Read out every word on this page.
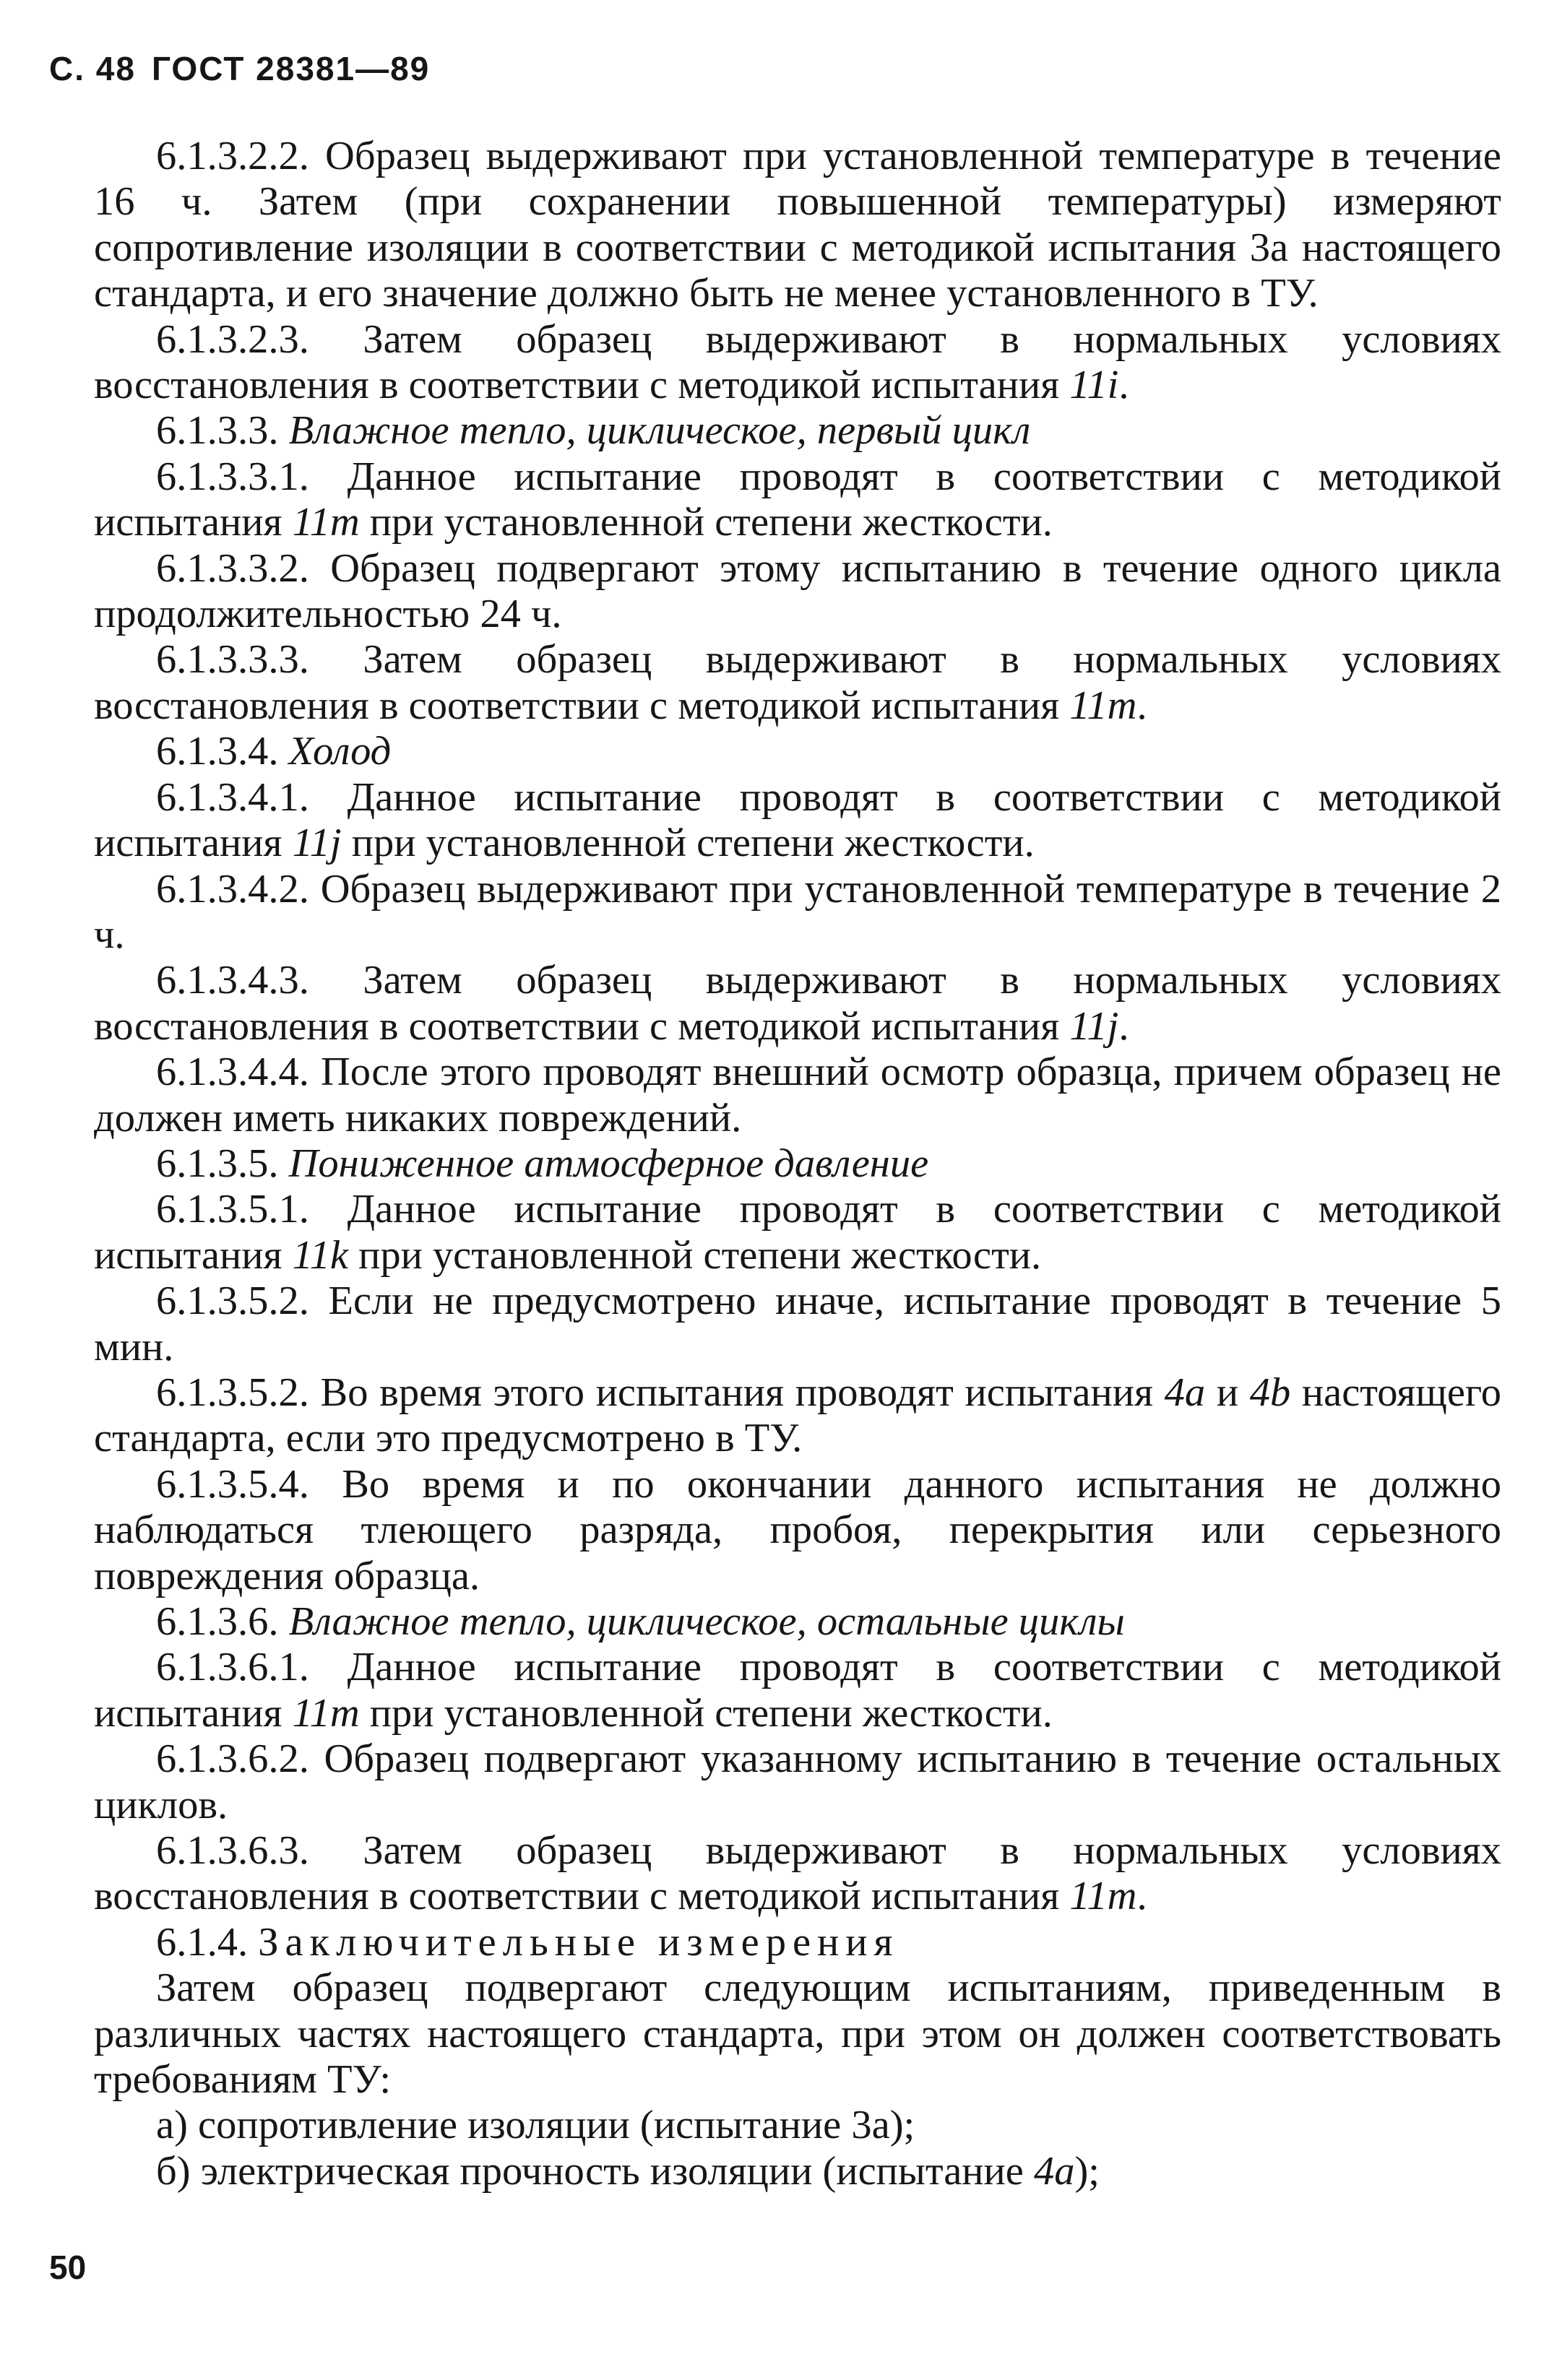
С. 48 ГОСТ 28381—89

6.1.3.2.2. Образец выдерживают при установленной температуре в течение 16 ч. Затем (при сохранении повышенной температуры) измеряют сопротивление изоляции в соответствии с методикой испытания 3а настоящего стандарта, и его значение должно быть не менее установленного в ТУ.

6.1.3.2.3. Затем образец выдерживают в нормальных условиях восстановления в соответствии с методикой испытания 11i.

6.1.3.3. Влажное тепло, циклическое, первый цикл

6.1.3.3.1. Данное испытание проводят в соответствии с методикой испытания 11m при установленной степени жесткости.

6.1.3.3.2. Образец подвергают этому испытанию в течение одного цикла продолжительностью 24 ч.

6.1.3.3.3. Затем образец выдерживают в нормальных условиях восстановления в соответствии с методикой испытания 11m.

6.1.3.4. Холод

6.1.3.4.1. Данное испытание проводят в соответствии с методикой испытания 11j при установленной степени жесткости.

6.1.3.4.2. Образец выдерживают при установленной температуре в течение 2 ч.

6.1.3.4.3. Затем образец выдерживают в нормальных условиях восстановления в соответствии с методикой испытания 11j.

6.1.3.4.4. После этого проводят внешний осмотр образца, причем образец не должен иметь никаких повреждений.

6.1.3.5. Пониженное атмосферное давление

6.1.3.5.1. Данное испытание проводят в соответствии с методикой испытания 11k при установленной степени жесткости.

6.1.3.5.2. Если не предусмотрено иначе, испытание проводят в течение 5 мин.

6.1.3.5.2. Во время этого испытания проводят испытания 4a и 4b настоящего стандарта, если это предусмотрено в ТУ.

6.1.3.5.4. Во время и по окончании данного испытания не должно наблюдаться тлеющего разряда, пробоя, перекрытия или серьезного повреждения образца.

6.1.3.6. Влажное тепло, циклическое, остальные циклы

6.1.3.6.1. Данное испытание проводят в соответствии с методикой испытания 11m при установленной степени жесткости.

6.1.3.6.2. Образец подвергают указанному испытанию в течение остальных циклов.

6.1.3.6.3. Затем образец выдерживают в нормальных условиях восстановления в соответствии с методикой испытания 11m.

6.1.4. Заключительные измерения

Затем образец подвергают следующим испытаниям, приведенным в различных частях настоящего стандарта, при этом он должен соответствовать требованиям ТУ:

а) сопротивление изоляции (испытание 3а);

б) электрическая прочность изоляции (испытание 4a);

50
